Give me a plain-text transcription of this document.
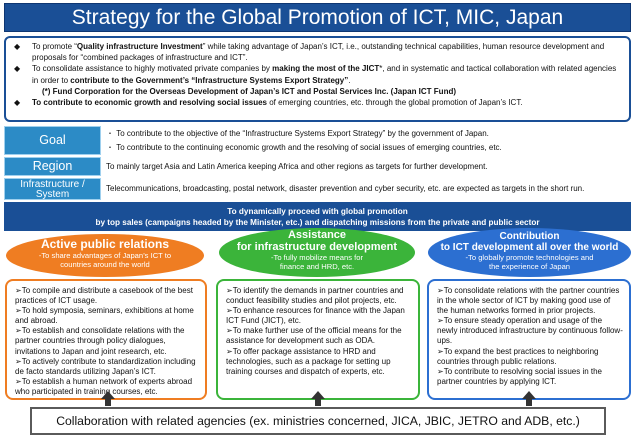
Strategy for the Global Promotion of ICT, MIC, Japan
◆ To promote “Quality infrastructure Investment” while taking advantage of Japan’s ICT, i.e., outstanding technical capabilities, human resource development and proposals for “combined packages of infrastructure and ICT”.
◆ To consolidate assistance to highly motivated private companies by making the most of the JICT*, and in systematic and tactical collaboration with related agencies in order to contribute to the Government’s “Infrastructure Systems Export Strategy”.
(*) Fund Corporation for the Overseas Development of Japan’s ICT and Postal Services Inc. (Japan ICT Fund)
◆ To contribute to economic growth and resolving social issues of emerging countries, etc. through the global promotion of Japan’s ICT.
Goal	・ To contribute to the objective of the “Infrastructure Systems Export Strategy” by the government of Japan.
・ To contribute to the continuing economic growth and the resolving of social issues of emerging countries, etc.
Region	To mainly target Asia and Latin America keeping Africa and other regions as targets for further development.
Infrastructure /
System
Telecommunications, broadcasting, postal network, disaster prevention and cyber security, etc. are expected as targets in the short run.
To dynamically proceed with global promotion
by top sales (campaigns headed by the Minister, etc.) and dispatching missions from the private and public sector
Active public relations
-To share advantages of Japan’s ICT to
countries around the world
Assistance
for infrastructure development
-To fully mobilize means for
finance and HRD, etc.
Contribution
to ICT development all over the world
-To globally promote technologies and
the experience of Japan
➢To compile and distribute a casebook of the best practices of ICT usage.
➢To hold symposia, seminars, exhibitions at home and abroad.
➢To establish and consolidate relations with the partner countries through policy dialogues, invitations to Japan and joint research, etc.
➢To actively contribute to standardization including de facto standards utilizing Japan’s ICT.
➢To establish a human network of experts abroad who participated in training courses, etc.
➢To identify the demands in partner countries and conduct feasibility studies and pilot projects, etc.
➢To enhance resources for finance with the Japan ICT Fund (JICT), etc.
➢To make further use of the official means for the assistance for development such as ODA.
➢To offer package assistance to HRD and technologies, such as a package for setting up training courses and dispatch of experts, etc.
➢To consolidate relations with the partner countries in the whole sector of ICT by making good use of the human networks formed in prior projects.
➢To ensure steady operation and usage of the newly introduced infrastructure by continuous follow-ups.
➢To expand the best practices to neighboring countries through public relations.
➢To contribute to resolving social issues in the partner countries by applying ICT.
Collaboration with related agencies (ex. ministries concerned, JICA, JBIC, JETRO and ADB, etc.)
